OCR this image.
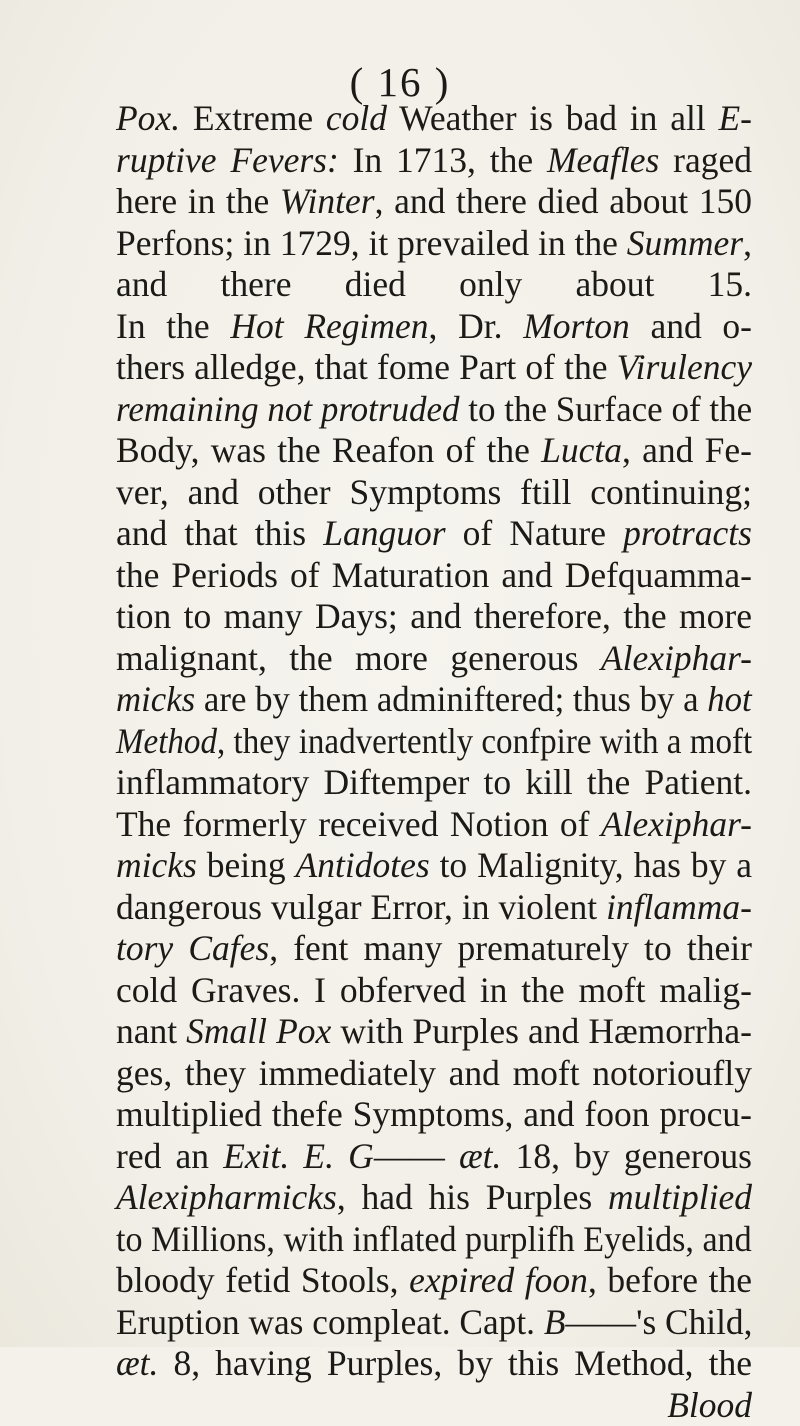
( 16 )
Pox. Extreme cold Weather is bad in all E-
ruptive Fevers: In 1713, the Meafles raged
here in the Winter, and there died about 150
Perfons; in 1729, it prevailed in the Summer,
and there died only about 15.
In the Hot Regimen, Dr. Morton and o-
thers alledge, that fome Part of the Virulency
remaining not protruded to the Surface of the
Body, was the Reafon of the Lucta, and Fe-
ver, and other Symptoms ftill continuing;
and that this Languor of Nature protracts
the Periods of Maturation and Defquamma-
tion to many Days; and therefore, the more
malignant, the more generous Alexiphar-
micks are by them adminiftered; thus by a hot
Method, they inadvertently confpire with a moft
inflammatory Diftemper to kill the Patient.
The formerly received Notion of Alexiphar-
micks being Antidotes to Malignity, has by a
dangerous vulgar Error, in violent inflamma-
tory Cafes, fent many prematurely to their
cold Graves. I obferved in the moft malig-
nant Small Pox with Purples and Hæmorrha-
ges, they immediately and moft notorioufly
multiplied thefe Symptoms, and foon procu-
red an Exit. E. G—— æt. 18, by generous
Alexipharmicks, had his Purples multiplied
to Millions, with inflated purplifh Eyelids, and
bloody fetid Stools, expired foon, before the
Eruption was compleat. Capt. B——'s Child,
æt. 8, having Purples, by this Method, the
Blood
